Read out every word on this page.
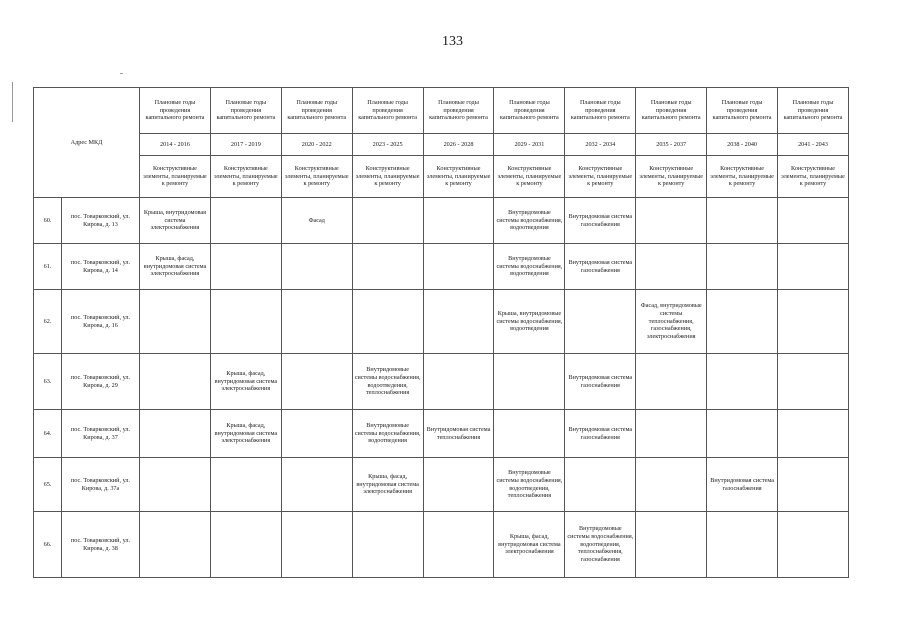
133
Адрес МКД		Плановые годы проведения капитального ремонта	Плановые годы проведения капитального ремонта	Плановые годы проведения капитального ремонта	Плановые годы проведения капитального ремонта	Плановые годы проведения капитального ремонта	Плановые годы проведения капитального ремонта	Плановые годы проведения капитального ремонта	Плановые годы проведения капитального ремонта	Плановые годы проведения капитального ремонта	Плановые годы проведения капитального ремонта
		2014 - 2016	2017 - 2019	2020 - 2022	2023 - 2025	2026 - 2028	2029 - 2031	2032 - 2034	2035 - 2037	2038 - 2040	2041 - 2043
		Конструктивные элементы, планируемые к ремонту	Конструктивные элементы, планируемые к ремонту	Конструктивные элементы, планируемые к ремонту	Конструктивные элементы, планируемые к ремонту	Конструктивные элементы, планируемые к ремонту	Конструктивные элементы, планируемые к ремонту	Конструктивные элементы, планируемые к ремонту	Конструктивные элементы, планируемые к ремонту	Конструктивные элементы, планируемые к ремонту	Конструктивные элементы, планируемые к ремонту
60.	пос. Товарковский, ул. Кирова, д. 13	Крыша, внутридомовая система электроснабжения		Фасад			Внутридомовые системы водоснабжения, водоотведения	Внутридомовая система газоснабжения			
61.	пос. Товарковский, ул. Кирова, д. 14	Крыша, фасад, внутридомовая система электроснабжения					Внутридомовые системы водоснабжения, водоотведения	Внутридомовая система газоснабжения			
62.	пос. Товарковский, ул. Кирова, д. 16						Крыша, внутридомовые системы водоснабжения, водоотведения		Фасад, внутридомовые системы теплоснабжения, газоснабжения, электроснабжения		
63.	пос. Товарковский, ул. Кирова, д. 29		Крыша, фасад, внутридомовая система электроснабжения		Внутридомовые системы водоснабжения, водоотведения, теплоснабжения			Внутридомовая система газоснабжения			
64.	пос. Товарковский, ул. Кирова, д. 37		Крыша, фасад, внутридомовая система электроснабжения		Внутридомовые системы водоснабжения, водоотведения	Внутридомовая система теплоснабжения		Внутридомовая система газоснабжения			
65.	пос. Товарковский, ул. Кирова, д. 37а				Крыша, фасад, внутридомовая система электроснабжения		Внутридомовые системы водоснабжения, водоотведения, теплоснабжения			Внутридомовая система газоснабжения	
66.	пос. Товарковский, ул. Кирова, д. 38						Крыша, фасад, внутридомовая система электроснабжения	Внутридомовые системы водоснабжения, водоотведения, теплоснабжения, газоснабжения			
